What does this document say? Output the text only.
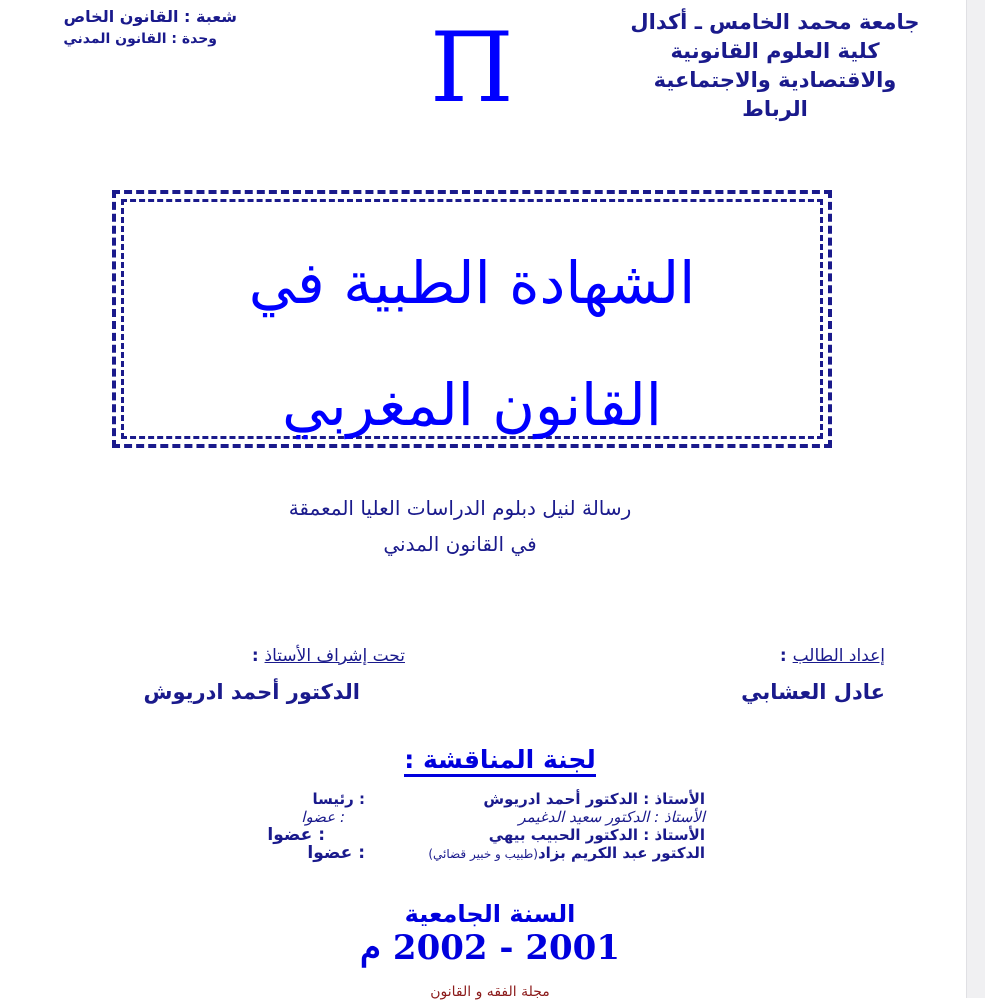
جامعة محمد الخامس ـ أكدال
كلية العلوم القانونية
والاقتصادية والاجتماعية
الرباط
Π
شعبة : القانون الخاص
وحدة : القانون المدني
الشهادة الطبية في
القانون المغربي
رسالة لنيل دبلوم الدراسات العليا المعمقة
في القانون المدني
إعداد الطالب :
عادل العشابي
تحت إشراف الأستاذ :
الدكتور أحمد ادريوش
لجنة المناقشة :
الأستاذ : الدكتور أحمد ادريوش
: رئيسا
الأستاذ : الدكتور سعيد الدغيمر
: عضوا
الأستاذ : الدكتور الحبيب بيهي
: عضوا
الدكتور عبد الكريم بزاد(طبيب و خبير قضائي)
: عضوا
السنة الجامعية
2001 - 2002 م
مجلة الفقه و القانون
